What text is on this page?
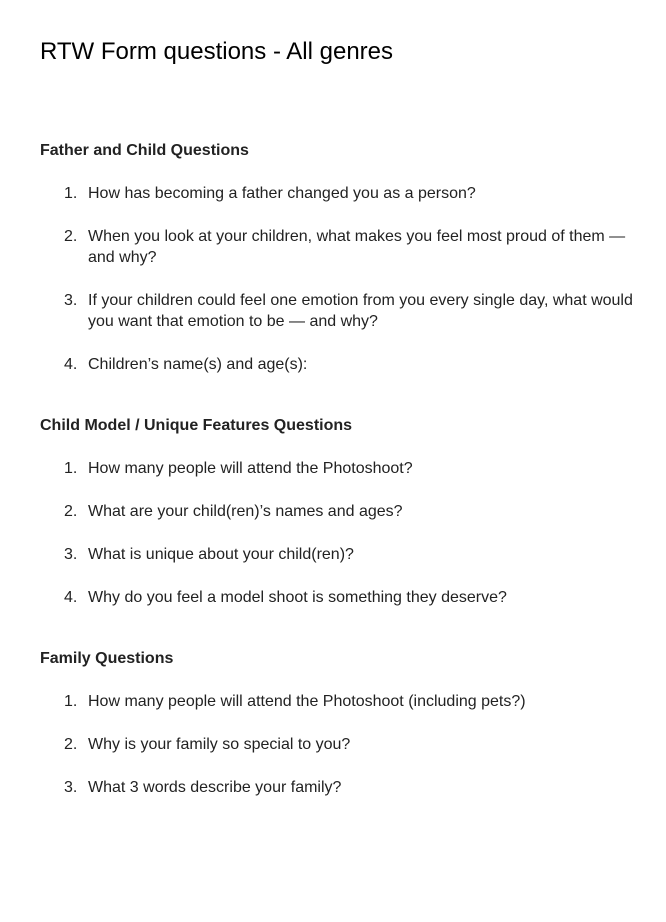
RTW Form questions - All genres
Father and Child Questions
1. How has becoming a father changed you as a person?
2. When you look at your children, what makes you feel most proud of them — and why?
3. If your children could feel one emotion from you every single day, what would you want that emotion to be — and why?
4. Children’s name(s) and age(s):
Child Model / Unique Features Questions
1. How many people will attend the Photoshoot?
2. What are your child(ren)’s names and ages?
3. What is unique about your child(ren)?
4. Why do you feel a model shoot is something they deserve?
Family Questions
1. How many people will attend the Photoshoot (including pets?)
2. Why is your family so special to you?
3. What 3 words describe your family?
